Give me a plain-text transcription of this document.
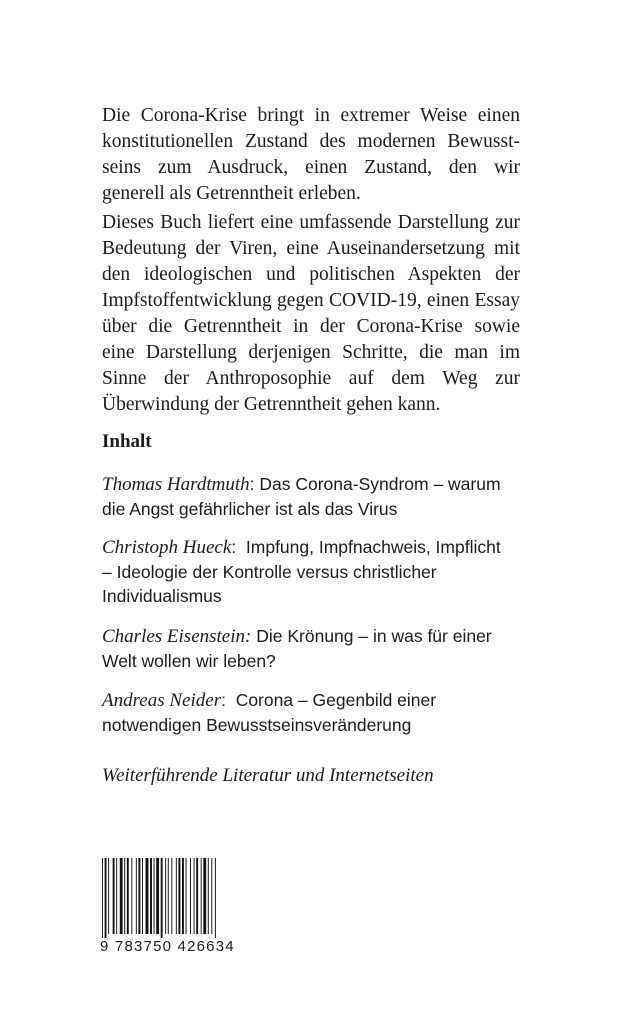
Die Corona-Krise bringt in extremer Weise einen
konstitutionellen Zustand des modernen Bewusst-
seins zum Ausdruck, einen Zustand, den wir
generell als Getrenntheit erleben.
Dieses Buch liefert eine umfassende Darstellung zur
Bedeutung der Viren, eine Auseinandersetzung mit
den ideologischen und politischen Aspekten der
Impfstoffentwicklung gegen COVID-19, einen Essay
über die Getrenntheit in der Corona-Krise sowie
eine Darstellung derjenigen Schritte, die man im
Sinne der Anthroposophie auf dem Weg zur
Überwindung der Getrenntheit gehen kann.
Inhalt
Thomas Hardtmuth: Das Corona-Syndrom – warum
die Angst gefährlicher ist als das Virus
Christoph Hueck:  Impfung, Impfnachweis, Impflicht
– Ideologie der Kontrolle versus christlicher
Individualismus
Charles Eisenstein: Die Krönung – in was für einer
Welt wollen wir leben?
Andreas Neider:  Corona – Gegenbild einer
notwendigen Bewusstseinsveränderung
Weiterführende Literatur und Internetseiten
9 783750 426634
